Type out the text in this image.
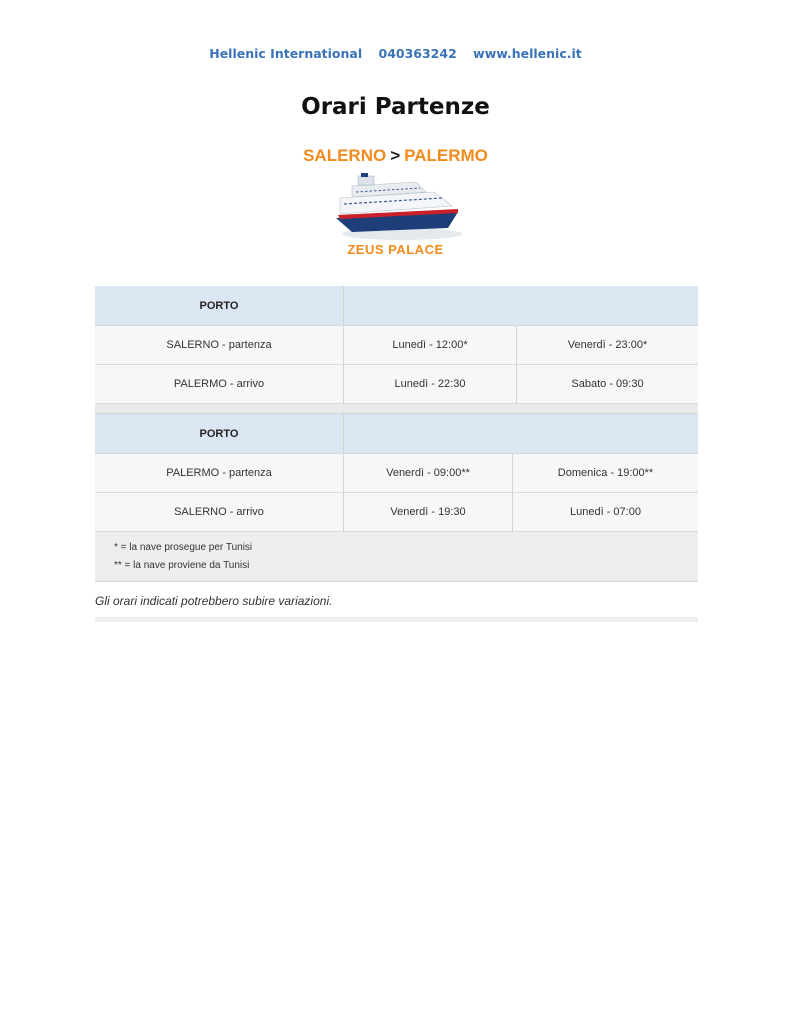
Hellenic International 040363242 www.hellenic.it
Orari Partenze
SALERNO > PALERMO
ZEUS PALACE
PORTO
SALERNO - partenza	Lunedì - 12:00*	Venerdì - 23:00*
PALERMO - arrivo	Lunedì - 22:30	Sabato - 09:30
PORTO
PALERMO - partenza	Venerdì - 09:00**	Domenica - 19:00**
SALERNO - arrivo	Venerdì - 19:30	Lunedì - 07:00
* = la nave prosegue per Tunisi
** = la nave proviene da Tunisi
Gli orari indicati potrebbero subire variazioni.
